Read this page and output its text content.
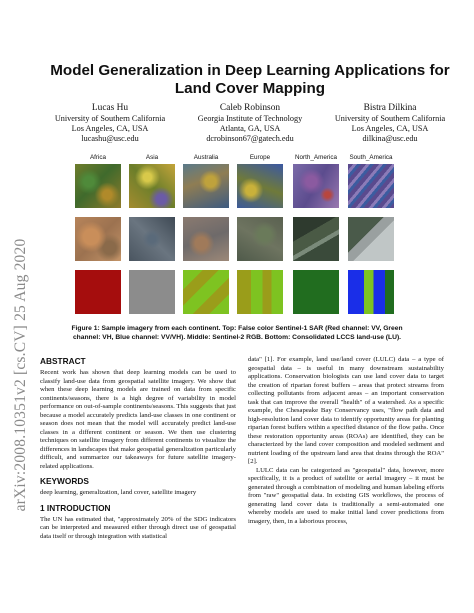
arXiv:2008.10351v2 [cs.CV] 25 Aug 2020
Model Generalization in Deep Learning Applications for Land Cover Mapping
Lucas Hu
University of Southern California
Los Angeles, CA, USA
lucashu@usc.edu
Caleb Robinson
Georgia Institute of Technology
Atlanta, GA, USA
dcrobinson67@gatech.edu
Bistra Dilkina
University of Southern California
Los Angeles, CA, USA
dilkina@usc.edu
Africa	Asia	Australia	Europe	North_America	South_America
Figure 1: Sample imagery from each continent. Top: False color Sentinel-1 SAR (Red channel: VV, Green channel: VH, Blue channel: VV/VH). Middle: Sentinel-2 RGB. Bottom: Consolidated LCCS land-use (LU).
ABSTRACT

Recent work has shown that deep learning models can be used to classify land-use data from geospatial satellite imagery. We show that when these deep learning models are trained on data from specific continents/seasons, there is a high degree of variability in model performance on out-of-sample continents/seasons. This suggests that just because a model accurately predicts land-use classes in one continent or season does not mean that the model will accurately predict land-use classes in a different continent or season. We then use clustering techniques on satellite imagery from different continents to visualize the differences in landscapes that make geospatial generalization particularly difficult, and summarize our takeaways for future satellite imagery-related applications.

KEYWORDS

deep learning, generalization, land cover, satellite imagery

1 INTRODUCTION

The UN has estimated that, "approximately 20% of the SDG indicators can be interpreted and measured either through direct use of geospatial data itself or through integration with statistical

data" [1]. For example, land use/land cover (LULC) data – a type of geospatial data – is useful in many downstream sustainability applications. Conservation biologists can use land cover data to target the creation of riparian forest buffers – areas that protect streams from collecting pollutants from adjacent areas – an important conservation task that can improve the overall "health" of a watershed. As a specific example, the Chesapeake Bay Conservancy uses, "flow path data and high-resolution land cover data to identify opportunity areas for planting riparian forest buffers within a specified distance of the flow paths. Once these restoration opportunity areas (ROAs) are identified, they can be characterized by the land cover composition and modeled sediment and nutrient loading of the upstream land area that drains through the ROA" [2].

LULC data can be categorized as "geospatial" data, however, more specifically, it is a product of satellite or aerial imagery – it must be generated through a combination of modeling and human labeling efforts from "raw" geospatial data. In existing GIS workflows, the process of generating land cover data is traditionally a semi-automated one whereby models are used to make initial land cover predictions from imagery, then, in a laborious process,
